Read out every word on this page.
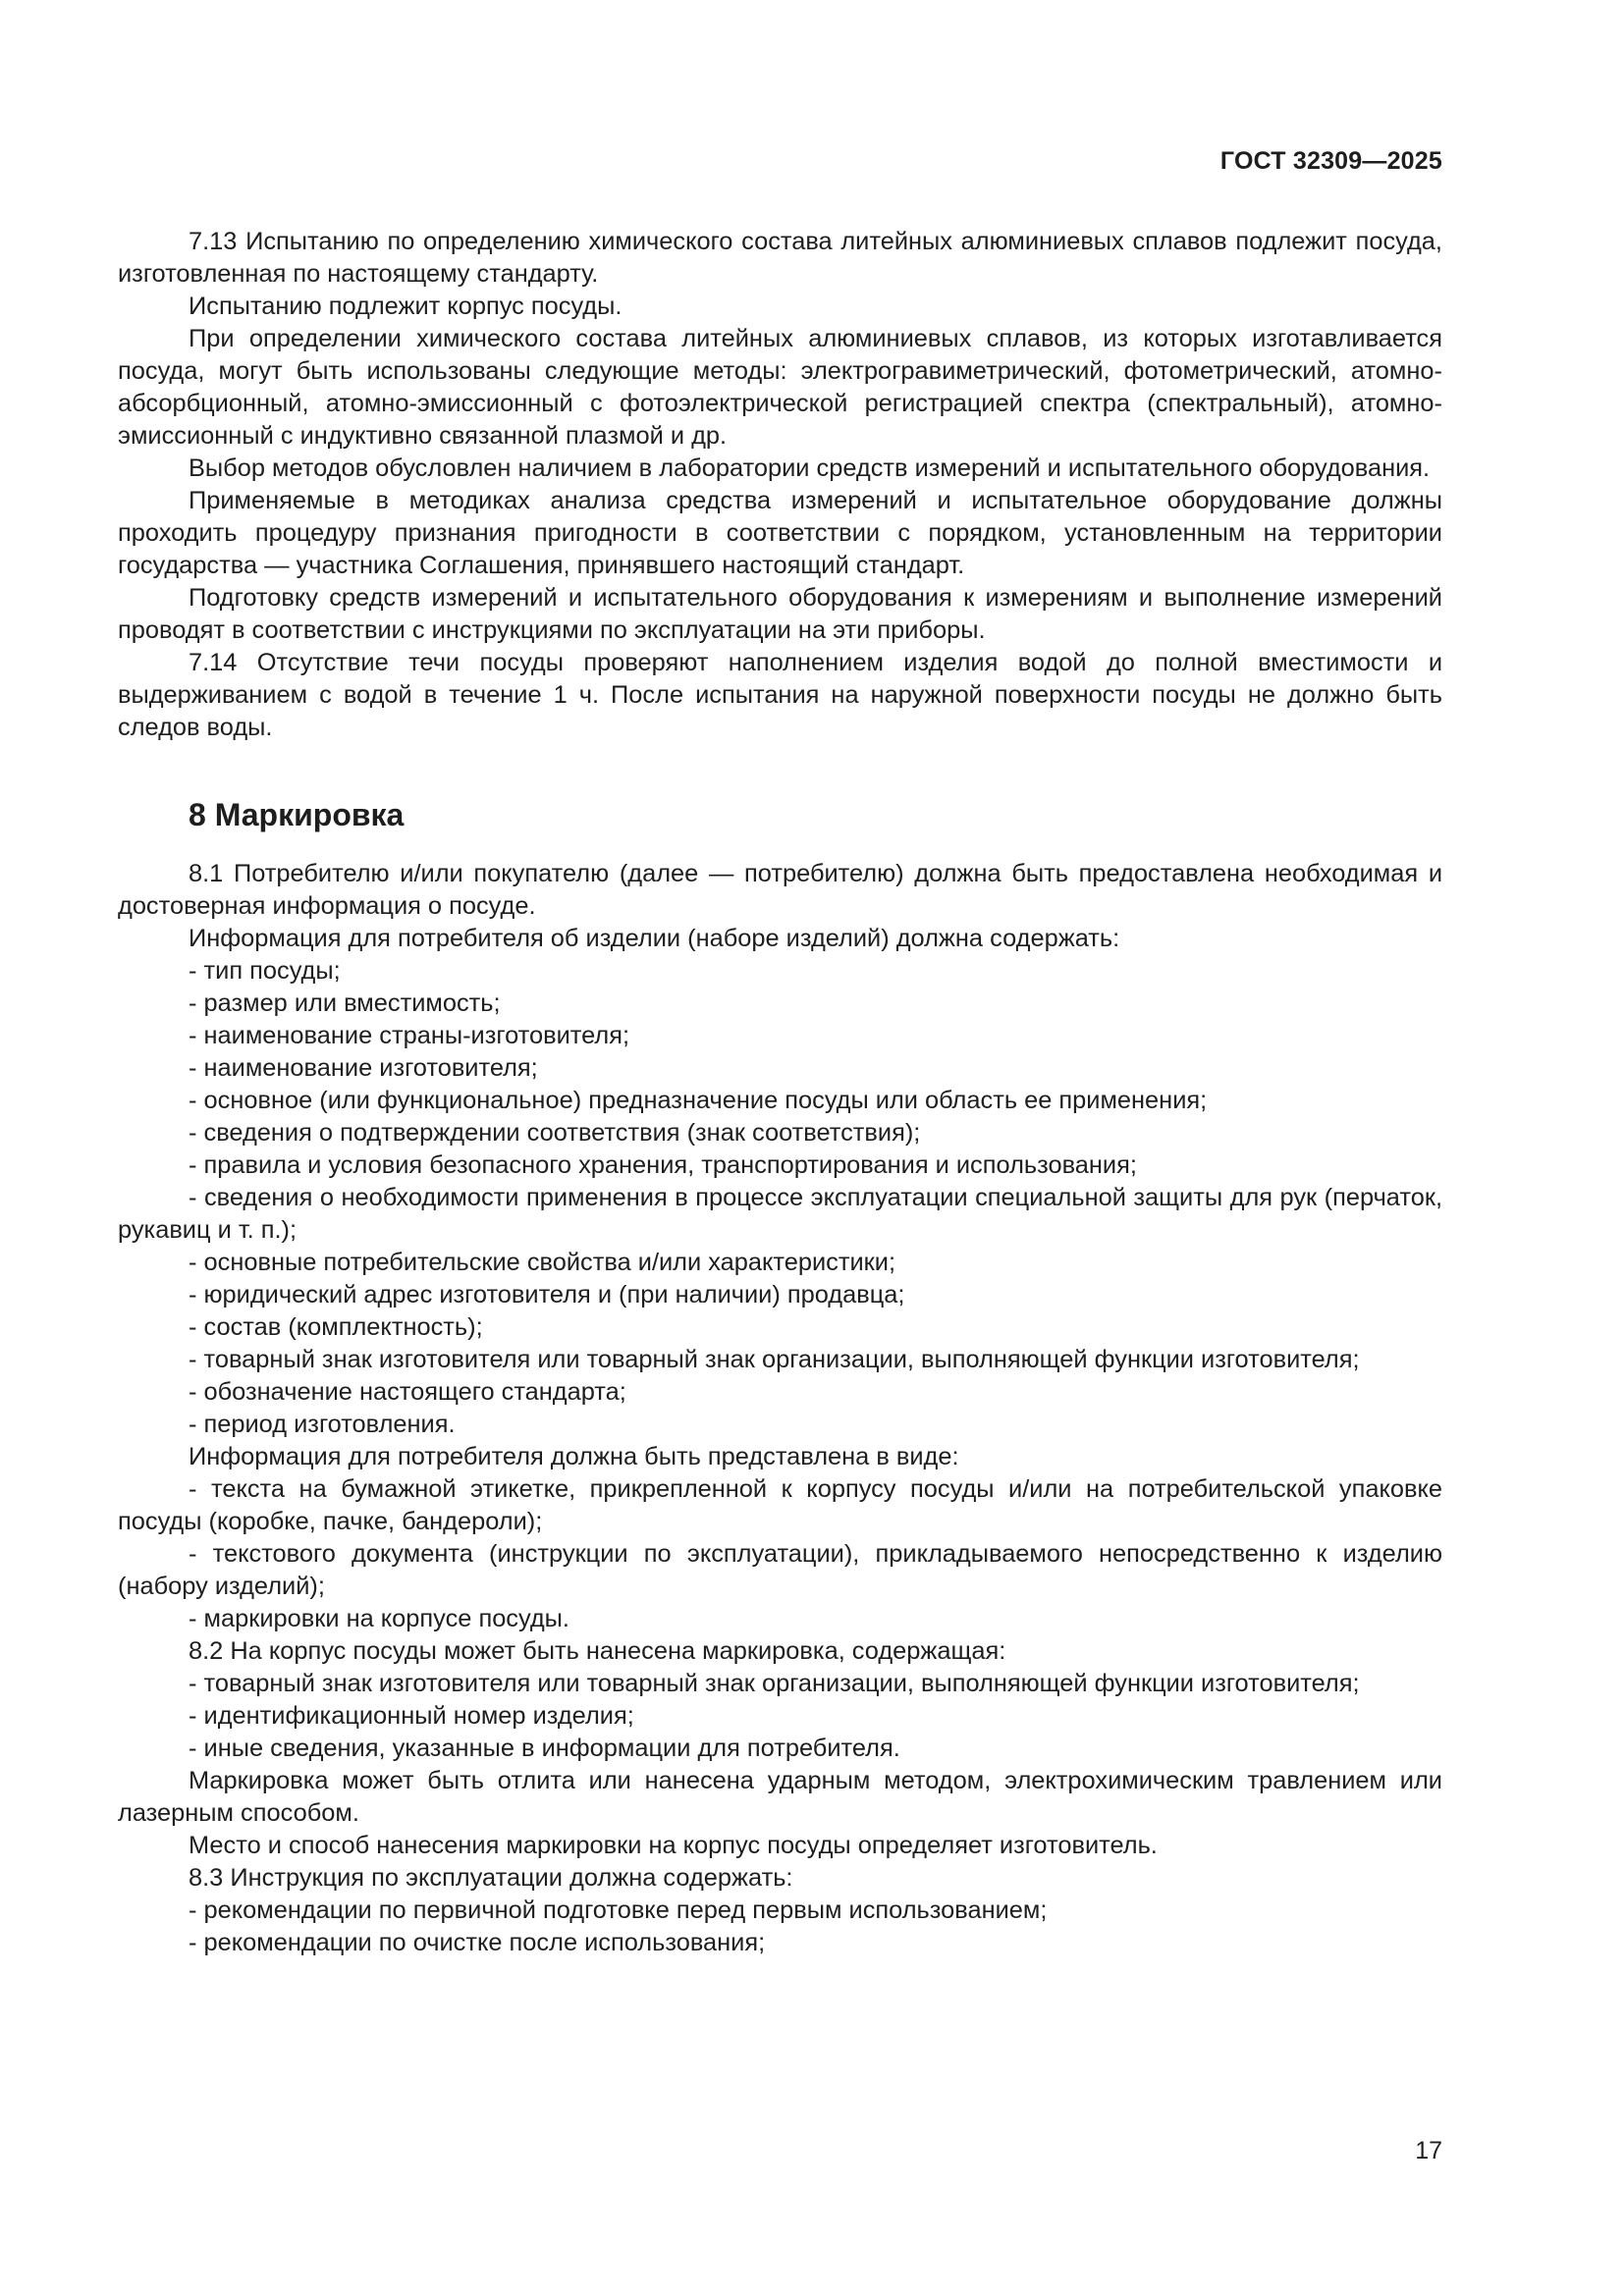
ГОСТ 32309—2025

7.13 Испытанию по определению химического состава литейных алюминиевых сплавов подлежит посуда, изготовленная по настоящему стандарту.

Испытанию подлежит корпус посуды.

При определении химического состава литейных алюминиевых сплавов, из которых изготавливается посуда, могут быть использованы следующие методы: электрогравиметрический, фотометрический, атомно-абсорбционный, атомно-эмиссионный с фотоэлектрической регистрацией спектра (спектральный), атомно-эмиссионный с индуктивно связанной плазмой и др.

Выбор методов обусловлен наличием в лаборатории средств измерений и испытательного оборудования.

Применяемые в методиках анализа средства измерений и испытательное оборудование должны проходить процедуру признания пригодности в соответствии с порядком, установленным на территории государства — участника Соглашения, принявшего настоящий стандарт.

Подготовку средств измерений и испытательного оборудования к измерениям и выполнение измерений проводят в соответствии с инструкциями по эксплуатации на эти приборы.

7.14 Отсутствие течи посуды проверяют наполнением изделия водой до полной вместимости и выдерживанием с водой в течение 1 ч. После испытания на наружной поверхности посуды не должно быть следов воды.

8 Маркировка

8.1 Потребителю и/или покупателю (далее — потребителю) должна быть предоставлена необходимая и достоверная информация о посуде.

Информация для потребителя об изделии (наборе изделий) должна содержать:

- тип посуды;

- размер или вместимость;

- наименование страны-изготовителя;

- наименование изготовителя;

- основное (или функциональное) предназначение посуды или область ее применения;

- сведения о подтверждении соответствия (знак соответствия);

- правила и условия безопасного хранения, транспортирования и использования;

- сведения о необходимости применения в процессе эксплуатации специальной защиты для рук (перчаток, рукавиц и т. п.);

- основные потребительские свойства и/или характеристики;

- юридический адрес изготовителя и (при наличии) продавца;

- состав (комплектность);

- товарный знак изготовителя или товарный знак организации, выполняющей функции изготовителя;

- обозначение настоящего стандарта;

- период изготовления.

Информация для потребителя должна быть представлена в виде:

- текста на бумажной этикетке, прикрепленной к корпусу посуды и/или на потребительской упаковке посуды (коробке, пачке, бандероли);

- текстового документа (инструкции по эксплуатации), прикладываемого непосредственно к изделию (набору изделий);

- маркировки на корпусе посуды.

8.2 На корпус посуды может быть нанесена маркировка, содержащая:

- товарный знак изготовителя или товарный знак организации, выполняющей функции изготовителя;

- идентификационный номер изделия;

- иные сведения, указанные в информации для потребителя.

Маркировка может быть отлита или нанесена ударным методом, электрохимическим травлением или лазерным способом.

Место и способ нанесения маркировки на корпус посуды определяет изготовитель.

8.3 Инструкция по эксплуатации должна содержать:

- рекомендации по первичной подготовке перед первым использованием;

- рекомендации по очистке после использования;

17
